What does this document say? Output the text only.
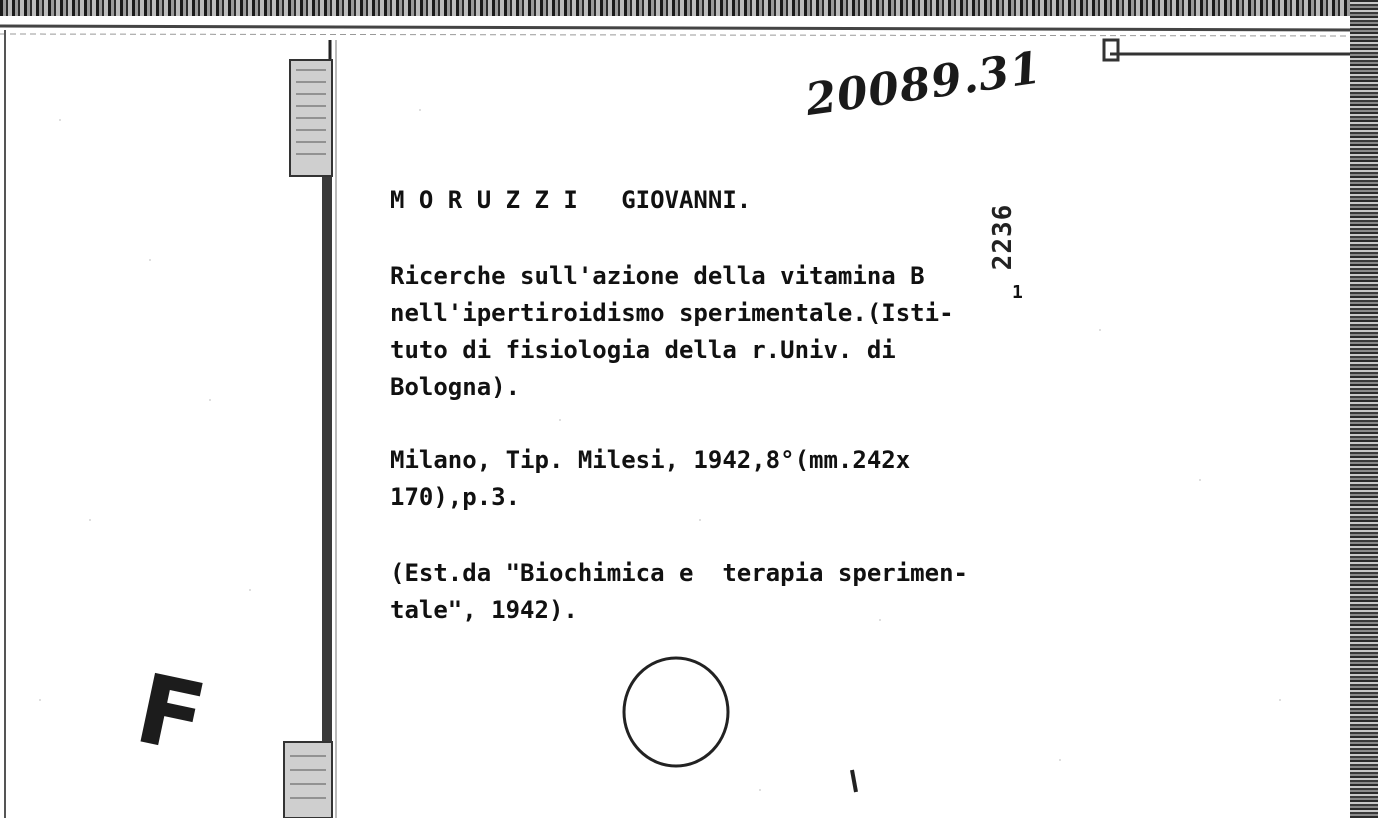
20089.31
2236

M O R U Z Z I   GIOVANNI.

Ricerche sull'azione della vitamina B

nell'ipertiroidismo sperimentale.(Isti-

tuto di fisiologia della r.Univ. di

Bologna).

1

Milano, Tip. Milesi, 1942,8°(mm.242x

170),p.3.

(Est.da "Biochimica e  terapia sperimen-

tale", 1942).

F
